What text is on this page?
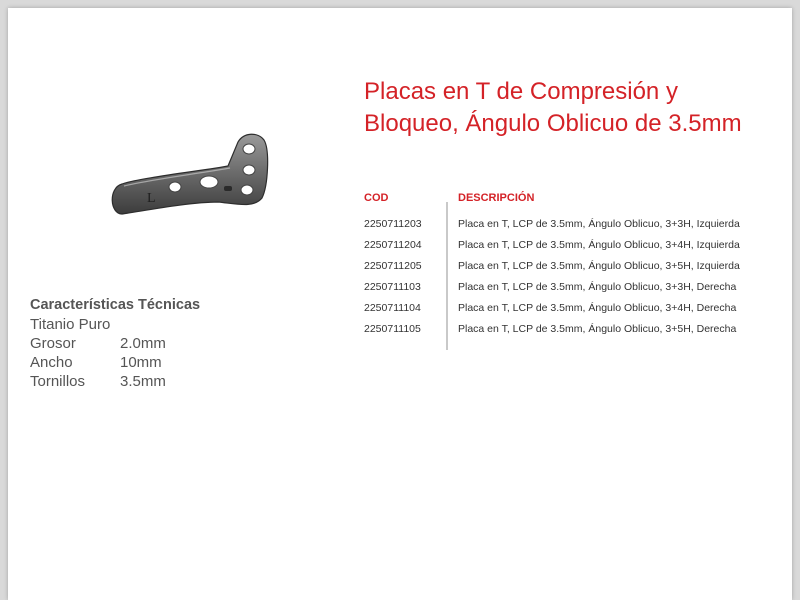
Placas en T de Compresión y Bloqueo, Ángulo Oblicuo de 3.5mm
L
Características Técnicas
Titanio Puro
Grosor	2.0mm
Ancho	10mm
Tornillos	3.5mm
COD	DESCRIPCIÓN
2250711203	Placa en T, LCP de 3.5mm, Ángulo Oblicuo, 3+3H, Izquierda
2250711204	Placa en T, LCP de 3.5mm, Ángulo Oblicuo, 3+4H, Izquierda
2250711205	Placa en T, LCP de 3.5mm, Ángulo Oblicuo, 3+5H, Izquierda
2250711103	Placa en T, LCP de 3.5mm, Ángulo Oblicuo, 3+3H, Derecha
2250711104	Placa en T, LCP de 3.5mm, Ángulo Oblicuo, 3+4H, Derecha
2250711105	Placa en T, LCP de 3.5mm, Ángulo Oblicuo, 3+5H, Derecha
